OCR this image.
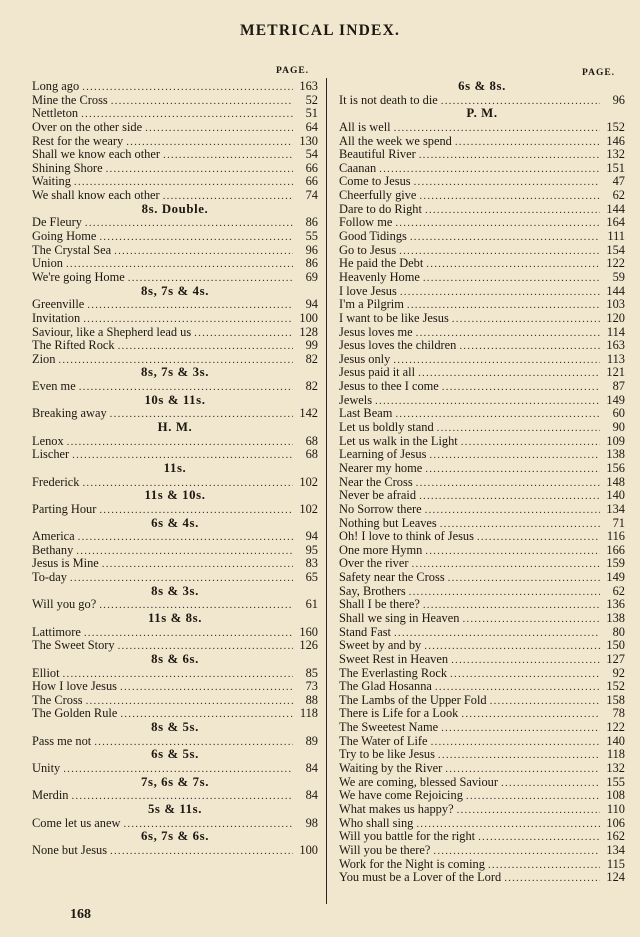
METRICAL INDEX.
PAGE.	PAGE.
Long ago .....	163
Mine the Cross .....	52
Nettleton .....	51
Over on the other side .....	64
Rest for the weary .....	130
Shall we know each other .....	54
Shining Shore .....	66
Waiting .....	66
We shall know each other .....	74
8s. Double.
De Fleury .....	86
Going Home .....	55
The Crystal Sea .....	96
Union .....	86
We're going Home .....	69
8s, 7s & 4s.
Greenville .....	94
Invitation .....	100
Saviour, like a Shepherd lead us .....	128
The Rifted Rock .....	99
Zion .....	82
8s, 7s & 3s.
Even me .....	82
10s & 11s.
Breaking away .....	142
H. M.
Lenox .....	68
Lischer .....	68
11s.
Frederick .....	102
11s & 10s.
Parting Hour .....	102
6s & 4s.
America .....	94
Bethany .....	95
Jesus is Mine .....	83
To-day .....	65
8s & 3s.
Will you go? .....	61
11s & 8s.
Lattimore .....	160
The Sweet Story .....	126
8s & 6s.
Elliot .....	85
How I love Jesus .....	73
The Cross .....	88
The Golden Rule .....	118
8s & 5s.
Pass me not .....	89
6s & 5s.
Unity .....	84
7s, 6s & 7s.
Merdin .....	84
5s & 11s.
Come let us anew .....	98
6s, 7s & 6s.
None but Jesus .....	100
6s & 8s.
It is not death to die .....	96
P. M.
All is well .....	152
All the week we spend .....	146
Beautiful River .....	132
Caanan .....	151
Come to Jesus .....	47
Cheerfully give .....	62
Dare to do Right .....	144
Follow me .....	164
Good Tidings .....	111
Go to Jesus .....	154
He paid the Debt .....	122
Heavenly Home .....	59
I love Jesus .....	144
I'm a Pilgrim .....	103
I want to be like Jesus .....	120
Jesus loves me .....	114
Jesus loves the children .....	163
Jesus only .....	113
Jesus paid it all .....	121
Jesus to thee I come .....	87
Jewels .....	149
Last Beam .....	60
Let us boldly stand .....	90
Let us walk in the Light .....	109
Learning of Jesus .....	138
Nearer my home .....	156
Near the Cross .....	148
Never be afraid .....	140
No Sorrow there .....	134
Nothing but Leaves .....	71
Oh! I love to think of Jesus .....	116
One more Hymn .....	166
Over the river .....	159
Safety near the Cross .....	149
Say, Brothers .....	62
Shall I be there? .....	136
Shall we sing in Heaven .....	138
Stand Fast .....	80
Sweet by and by .....	150
Sweet Rest in Heaven .....	127
The Everlasting Rock .....	92
The Glad Hosanna .....	152
The Lambs of the Upper Fold .....	158
There is Life for a Look .....	78
The Sweetest Name .....	122
The Water of Life .....	140
Try to be like Jesus .....	118
Waiting by the River .....	132
We are coming, blessed Saviour .....	155
We have come Rejoicing .....	108
What makes us happy? .....	110
Who shall sing .....	106
Will you battle for the right .....	162
Will you be there? .....	134
Work for the Night is coming .....	115
You must be a Lover of the Lord .....	124
168
